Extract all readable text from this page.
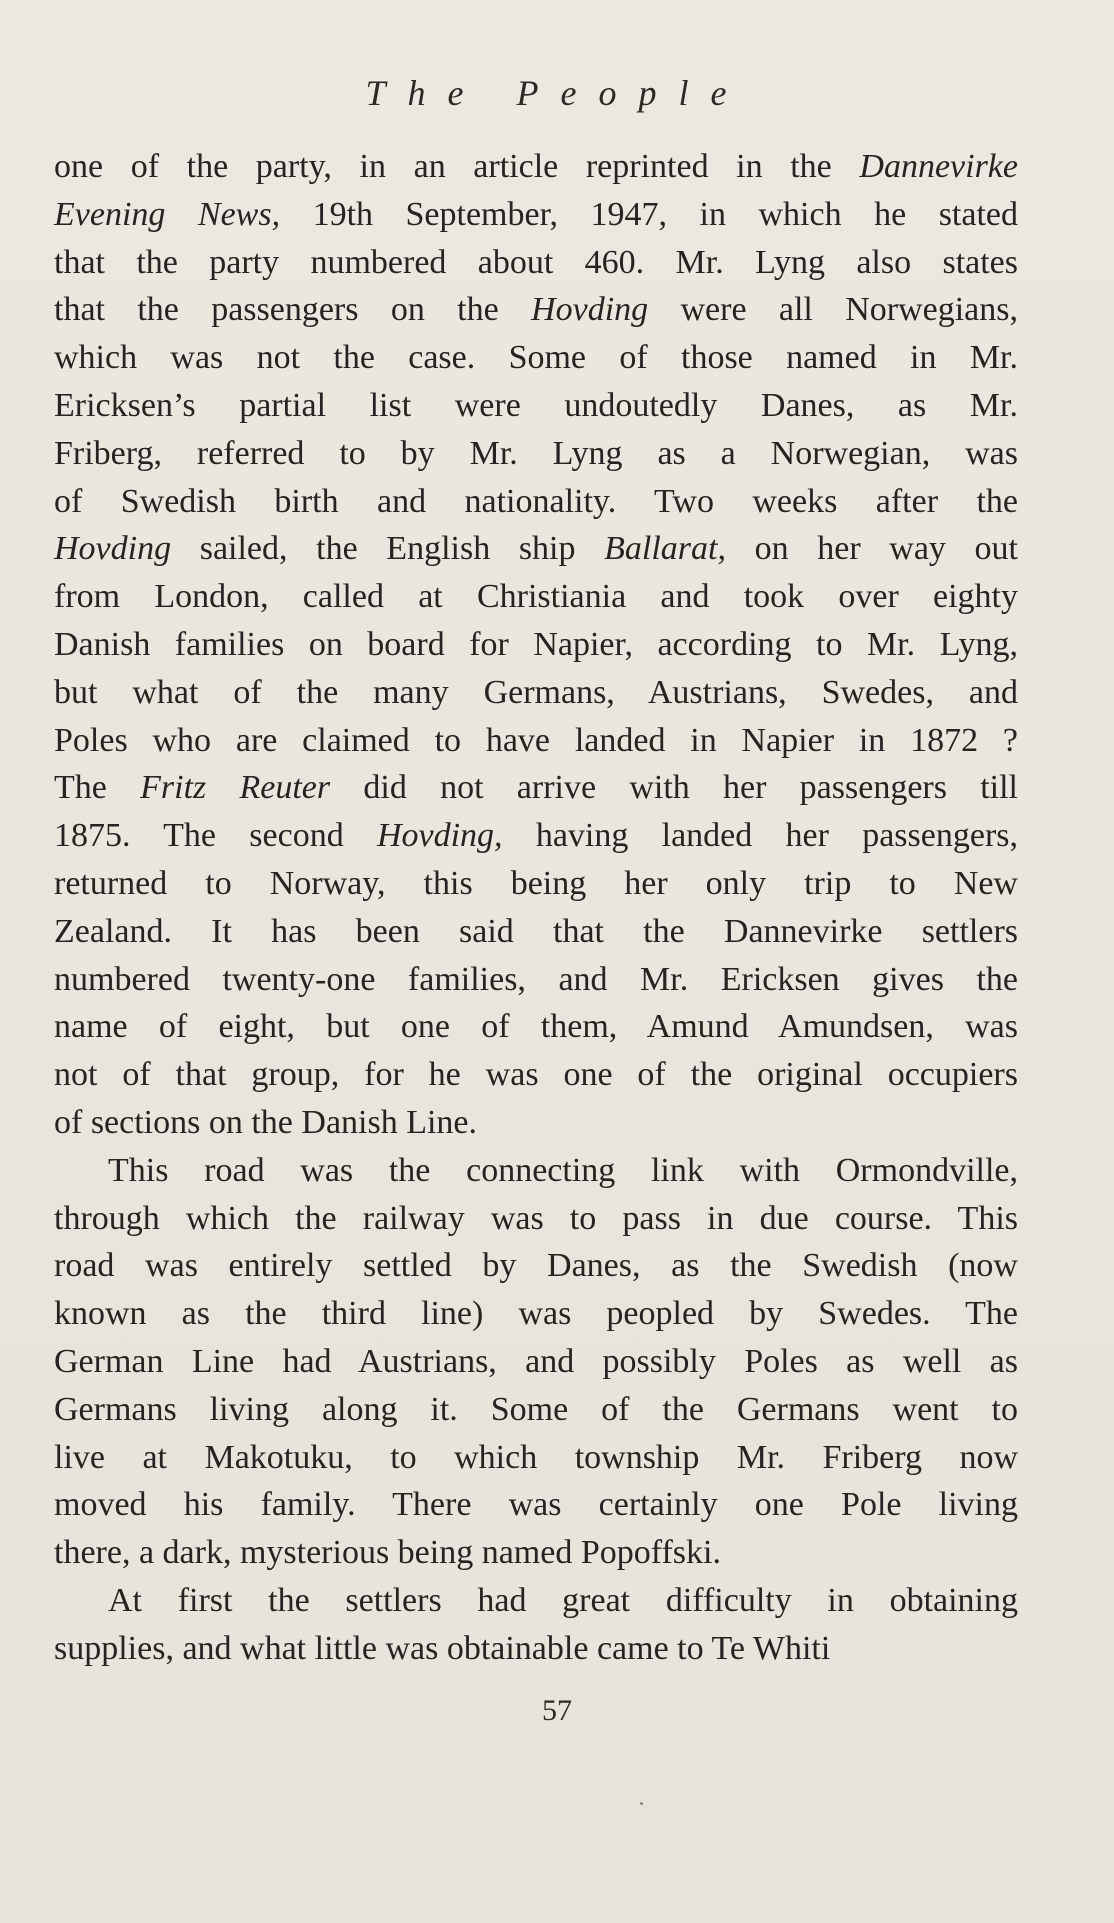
The People
one of the party, in an article reprinted in the Dannevirke
Evening News, 19th September, 1947, in which he stated
that the party numbered about 460. Mr. Lyng also states
that the passengers on the Hovding were all Norwegians,
which was not the case. Some of those named in Mr.
Ericksen’s partial list were undoutedly Danes, as Mr.
Friberg, referred to by Mr. Lyng as a Norwegian, was
of Swedish birth and nationality. Two weeks after the
Hovding sailed, the English ship Ballarat, on her way out
from London, called at Christiania and took over eighty
Danish families on board for Napier, according to Mr. Lyng,
but what of the many Germans, Austrians, Swedes, and
Poles who are claimed to have landed in Napier in 1872 ?
The Fritz Reuter did not arrive with her passengers till
1875. The second Hovding, having landed her passengers,
returned to Norway, this being her only trip to New
Zealand. It has been said that the Dannevirke settlers
numbered twenty-one families, and Mr. Ericksen gives the
name of eight, but one of them, Amund Amundsen, was
not of that group, for he was one of the original occupiers
of sections on the Danish Line.
This road was the connecting link with Ormondville,
through which the railway was to pass in due course. This
road was entirely settled by Danes, as the Swedish (now
known as the third line) was peopled by Swedes. The
German Line had Austrians, and possibly Poles as well as
Germans living along it. Some of the Germans went to
live at Makotuku, to which township Mr. Friberg now
moved his family. There was certainly one Pole living
there, a dark, mysterious being named Popoffski.
At first the settlers had great difficulty in obtaining
supplies, and what little was obtainable came to Te Whiti
57
